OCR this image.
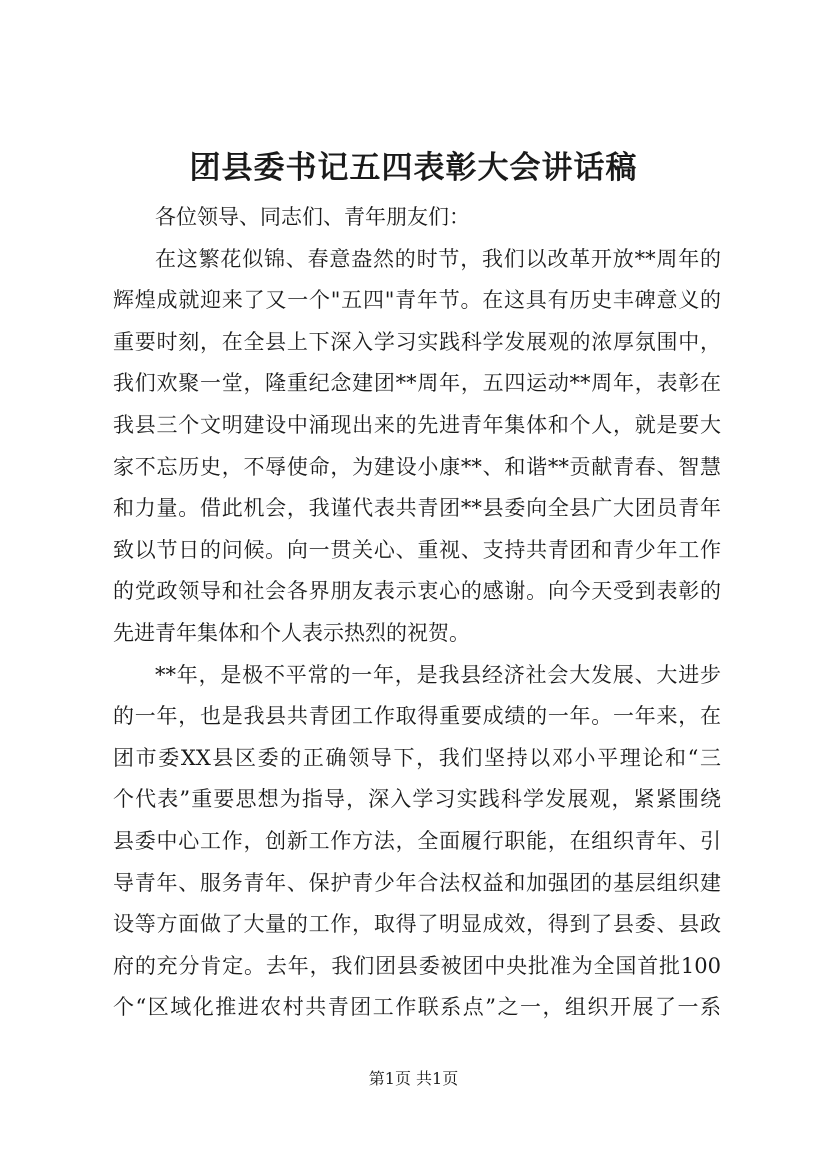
团县委书记五四表彰大会讲话稿
各位领导、同志们、青年朋友们：
在这繁花似锦、春意盎然的时节，我们以改革开放**周年的
辉煌成就迎来了又一个"五四"青年节。在这具有历史丰碑意义的
重要时刻，在全县上下深入学习实践科学发展观的浓厚氛围中，
我们欢聚一堂，隆重纪念建团**周年，五四运动**周年，表彰在
我县三个文明建设中涌现出来的先进青年集体和个人，就是要大
家不忘历史，不辱使命，为建设小康**、和谐**贡献青春、智慧
和力量。借此机会，我谨代表共青团**县委向全县广大团员青年
致以节日的问候。向一贯关心、重视、支持共青团和青少年工作
的党政领导和社会各界朋友表示衷心的感谢。向今天受到表彰的
先进青年集体和个人表示热烈的祝贺。
**年，是极不平常的一年，是我县经济社会大发展、大进步
的一年，也是我县共青团工作取得重要成绩的一年。一年来，在
团市委XX县区委的正确领导下，我们坚持以邓小平理论和“三
个代表”重要思想为指导，深入学习实践科学发展观，紧紧围绕
县委中心工作，创新工作方法，全面履行职能，在组织青年、引
导青年、服务青年、保护青少年合法权益和加强团的基层组织建
设等方面做了大量的工作，取得了明显成效，得到了县委、县政
府的充分肯定。去年，我们团县委被团中央批准为全国首批100
个“区域化推进农村共青团工作联系点”之一，组织开展了一系
第1页 共1页
